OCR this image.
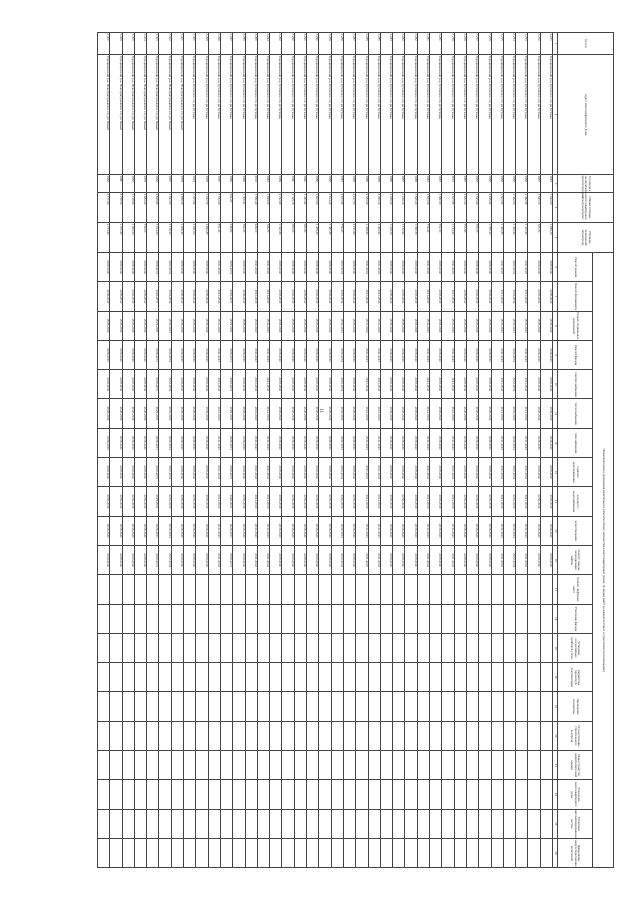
11
№ п/п	Адрес многоквартирного дома	Год ввода в эксплуатацию (реконструкции)	Общая площадь многоквартирного дома (кв.метров)	Площадь помещений (кв.метров)	Плановый период проведения капитального ремонта общего имущества в многоквартирных домах, по видам работ (в рамках которых осуществляется возмещение)																				
					Ремонт крыши	Ремонт фундамента	Ремонт подвальных помещений	Ремонт фасада	электроснабжения	теплоснабжения	газоснабжения	горячего водоснабжения	холодного водоснабжения	водоотведения	Ремонт, замена, модернизация лифтов	Ремонт лифтовых шахт	Утепление фасада	Установка коллективных приборов учета	Разработка проектной документации	Проведение экспертизы	Осуществление строительного контроля	Переустройство невентилируемой крыши	Утепление многоквартирного дома	Установка автоматизированных систем	Применение энергосберегающих технологий
1	2	3	4	5	6	7	8	9	10	11	12	13	14	15	16	17	18	19	20	21	22	23	24	25	26
3.271	Городищенский р-н, Бутовское с/п, рп Бутовка	1987	1 843,00	1 686,30	2038-2040	2038-2040	2038-2040	2038-2040	2038-2040	2038-2040	2038-2040	2038-2040	2038-2040	2038-2040	2038-2040										
3.272	Городищенский р-н, Бутовское с/п, рп Бутовка	1987	1 645,70	785,70	2038-2040	2038-2040	2038-2040	2038-2040	2038-2040	2038-2040	2038-2040	2038-2040	2038-2040	2038-2040	2038-2040										
3.273	Городищенский р-н, Бутовское с/п, рп Бутовка	1988	2 462,60	1 415,90	2041-2043	2041-2043	2041-2043	2041-2043	2041-2043	2041-2043	2041-2043	2041-2043	2041-2043	2041-2043	2041-2043										
3.274	Городищенский р-н, Бутовское с/п, рп Бутовка	1988	2 462,00	1 432,60	2032-2034	2032-2034	2032-2034	2032-2034	2032-2034	2032-2034	2032-2034	2032-2034	2032-2034	2032-2034	2032-2034										
3.275	Городищенский р-н, Бутовское с/п, рп Бутовка	1988	2 603,90	1 493,80	2041-2043	2041-2043	2041-2043	2041-2043	2041-2043	2041-2043	2041-2043	2041-2043	2041-2043	2041-2043	2041-2043										
3.276	Городищенский р-н, Бутовское с/п, рп Бутовка	1988	2 646,20	1 565,10	2038-2040	2038-2040	2038-2040	2038-2040	2038-2040	2038-2040	2038-2040	2038-2040	2038-2040	2038-2040	2038-2040										
3.277	Городищенский р-н, Бутовское с/п, рп Бутовка	1987	1 645,20	757,70	2038-2040	2038-2040	2038-2040	2038-2040	2038-2040	2038-2040	2038-2040	2038-2040	2038-2040	2038-2040	2038-2040										
3.278	Городищенский р-н, Бутовское с/п, рп Бутовка	1987	1 631,50	753,90	2038-2040	2038-2040	2038-2040	2038-2040	2038-2040	2038-2040	2038-2040	2038-2040	2038-2040	2038-2040	2038-2040										
3.279	Городищенский р-н, Бутовское с/п, рп Бутовка	2015	1 673,80	1 184,20	2041-2043	2041-2043	2041-2043	2041-2043	2041-2043	2041-2043	2041-2043	2041-2043	2041-2043	2041-2043	2041-2043										
3.280	Городищенский р-н, Бутовское с/п, рп Бутовка	1987	1 660,50	751,50	2038-2040	2038-2040	2038-2040	2038-2040	2038-2040	2038-2040	2038-2040	2038-2040	2038-2040	2038-2040	2038-2040										
3.281	Городищенский р-н, Бутовское с/п, рп Бутовка	1987	1 633,50	754,90	2041-2043	2041-2043	2041-2043	2041-2043	2041-2043	2041-2043	2041-2043	2041-2043	2041-2043	2041-2043	2041-2043										
3.282	Городищенский р-н, Бутовское с/п, рп Бутовка	1988	1 625,10	1 390,50	2038-2040	2038-2040	2038-2040	2038-2040	2038-2040	2038-2040	2038-2040	2038-2040	2038-2040	2038-2040	2038-2040										
3.283	Городищенский р-н, Бутовское с/п, рп Бутовка	1987	2 049,10	1 152,90	2038-2040	2038-2040	2038-2040	2038-2040	2038-2040	2038-2040	2038-2040	2038-2040	2038-2040	2038-2040	2038-2040										
3.284	Городищенский р-н, Бутовское с/п, рп Бутовка	1988	2 638,50	1 318,30	2038-2040	2038-2040	2038-2040	2038-2040	2038-2040	2038-2040	2038-2040	2038-2040	2038-2040	2038-2040	2038-2040										
3.285	Городищенский р-н, Бутовское с/п, рп Бутовка	1989	2 393,10	1 484,90	2041-2043	2041-2043	2041-2043	2041-2043	2041-2043	2041-2043	2041-2043	2041-2043	2041-2043	2041-2043	2041-2043										
3.286	Городищенский р-н, Бутовское с/п, рп Бутовка	1988	2 582,20	1 438,60	2041-2043	2041-2043	2041-2043	2041-2043	2041-2043	2041-2043	2041-2043	2041-2043	2041-2043	2041-2043	2041-2043										
3.287	Городищенский р-н, Бутовское с/п, рп Бутовка	1989	2 047,50	1 191,90	2038-2040	2038-2040	2038-2040	2038-2040	2038-2040	2038-2040	2038-2040	2038-2040	2038-2040	2038-2040	2038-2040										
3.288	Городищенский р-н, Бутовское с/п, рп Бутовка	1987	1 633,60	759,20	2032-2034	2032-2034	2032-2034	2032-2034	2032-2034	2032-2034	2032-2034	2032-2034	2032-2034	2032-2034	2032-2034										
3.289	Городищенский р-н, Бутовское с/п, рп Бутовка	1988	2 614,40	1 487,80	2038-2040	2038-2040	2038-2040	2038-2040	2038-2040	2038-2040	2038-2040	2038-2040	2038-2040	2038-2040	2038-2040										
3.290	Городищенский р-н, Бутовское с/п, рп Бутовка	1988	2 607,00	1 486,40	2038-2040	2038-2040	2038-2040	2038-2040	2038-2040	2038-2040	2038-2040	2038-2040	2038-2040	2038-2040	2038-2040										
3.291	Городищенский р-н, Бутовское с/п, рп Бутовка	1990	1 441,90	583,80	2038-2040	2038-2040	2038-2040	2038-2040	2038-2040	2038-2040	2038-2040	2038-2040	2038-2040	2038-2040	2038-2040										
3.292	Городищенский р-н, Бутовское с/п, рп Бутовка	1990	1 416,70	583,00	2038-2040	2038-2040	2038-2040	2038-2040	2038-2040	2038-2040	2038-2040	2038-2040	2038-2040	2038-2040	2038-2040										
3.293	Городищенский р-н, Бутовское с/п, рп Бутовка	1989	2 742,90	1 343,60	2038-2040	2038-2040	2038-2040	2038-2040	2038-2040	2038-2040	2038-2040	2038-2040	2038-2040	2038-2040	2038-2040										
3.294	Городищенский р-н, Бутовское с/п, рп Бутовка	1987	1 649,70	768,70	2041-2043	2041-2043	2041-2043	2041-2043	2041-2043	2041-2043	2041-2043	2041-2043	2041-2043	2041-2043	2041-2043										
3.295	Городищенский р-н, Бутовское с/п, рп Бутовка	2002	1 560,40	946,10	2041-2043	2041-2043	2041-2043	2041-2043	2041-2043	2041-2043	2041-2043	2041-2043	2041-2043	2041-2043	2041-2043										
3.296	Городищенский р-н, Бутовское с/п, рп Бутовка	1986	1 308,40	782,20	2038-2040	2038-2040	2038-2040	2038-2040	2038-2040	2038-2040	2038-2040	2038-2040	2038-2040	2038-2040	2038-2040										
3.297	Городищенский р-н, Бутовское с/п, рп Бутовка	1996	922,20	548,90	2029-2031	2029-2031	2029-2031	2029-2031	2029-2031	2029-2031	2029-2031	2029-2031	2029-2031	2029-2031	2029-2031										
3.298	Городищенский р-н, Бутовское с/п, рп Бутовка	1970	1 522,60	851,40	2041-2043	2041-2043	2041-2043	2041-2043	2041-2043	2041-2043	2041-2043	2041-2043	2041-2043	2041-2043	2041-2043										
3.299	Городищенский р-н, Бутовское с/п, рп Бутовка	1978	3 027,50	1 862,80	2038-2040	2038-2040	2038-2040	2038-2040	2038-2040	2038-2040	2038-2040	2038-2040	2038-2040	2038-2040	2038-2040										
3.300	Городищенский р-н, Бутовское с/п, рп Бутовка	1974	3 005,60	1 840,00	2038-2040	2038-2040	2038-2040	2038-2040	2038-2040	2038-2040	2038-2040	2038-2040	2038-2040	2038-2040	2038-2040										
3.301	Городищенский р-н, Новогригорьевское с/п, рп Новый	1978	2 966,50	1 838,40	2038-2040	2038-2040	2038-2040	2038-2040	2038-2040	2038-2040	2038-2040	2038-2040	2038-2040	2038-2040	2038-2040										
3.302	Городищенский р-н, Новогригорьевское с/п, рп Новый	1985	1 827,00	1 138,10	2032-2034	2032-2034	2032-2034	2032-2034	2032-2034	2032-2034	2032-2034	2032-2034	2032-2034	2032-2034	2032-2034										
3.303	Городищенский р-н, Новогригорьевское с/п, рп Новый	1982	2 628,80	1 614,30	2029-2031	2029-2031	2029-2031	2029-2031	2029-2031	2029-2031	2029-2031	2029-2031	2029-2031	2029-2031	2029-2031										
3.304	Городищенский р-н, Новогригорьевское с/п, рп Новый	1979	1 663,20	759,00	2038-2040	2038-2040	2038-2040	2038-2040	2038-2040	2038-2040	2038-2040	2038-2040	2038-2040	2038-2040	2038-2040										
3.305	Городищенский р-н, Новогригорьевское с/п, рп Новый	1983	3 128,20	1 862,30	2038-2040	2038-2040	2038-2040	2038-2040	2038-2040	2038-2040	2038-2040	2038-2040	2038-2040	2038-2040	2038-2040										
3.306	Городищенский р-н, Новогригорьевское с/п, рп Новый	1980	2 778,50	1 705,20	2038-2040	2038-2040	2038-2040	2038-2040	2038-2040	2038-2040	2038-2040	2038-2040	2038-2040	2038-2040	2038-2040										
3.307	Городищенский р-н, Новогригорьевское с/п, рп Новый	1983	3 151,20	2 773,90	2038-2040	2038-2040	2038-2040	2038-2040	2038-2040	2038-2040	2038-2040	2038-2040	2038-2040	2038-2040	2038-2040										
